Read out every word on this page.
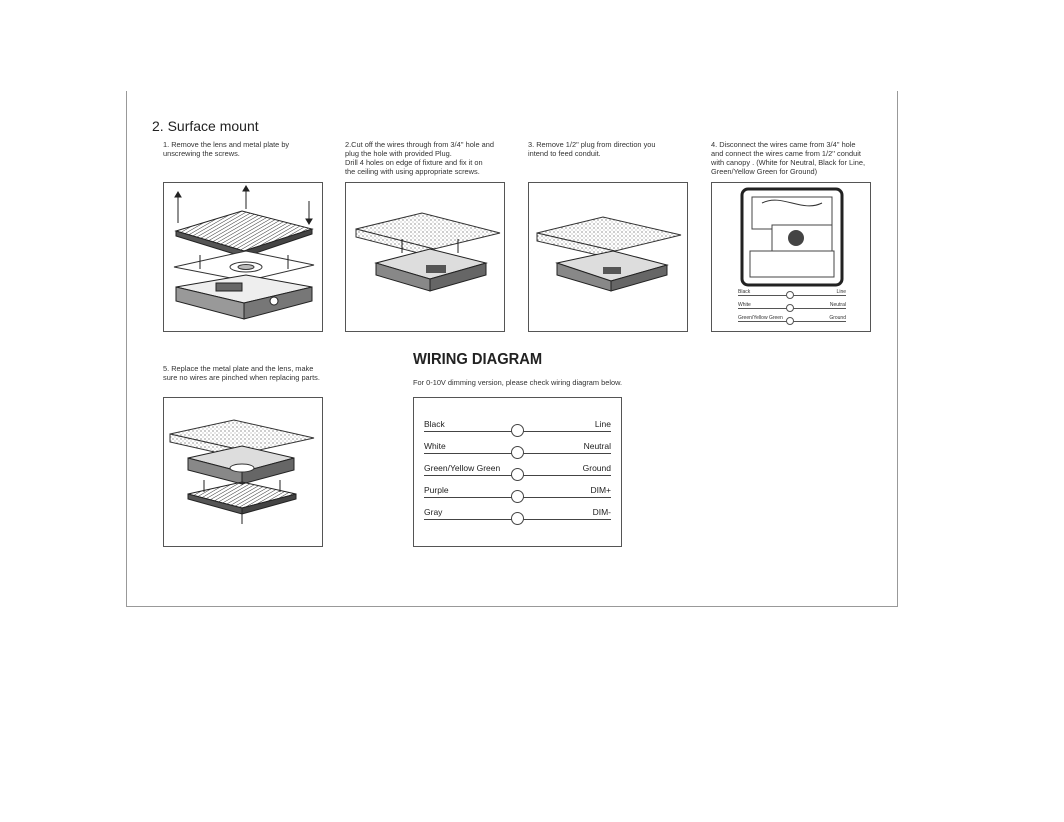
2. Surface mount
1. Remove the lens and metal plate by
unscrewing the screws.
2.Cut off the wires through from 3/4'' hole and
plug the hole with provided Plug.
Drill 4 holes on edge of fixture and fix it on
the ceiling with using appropriate screws.
3. Remove 1/2" plug from direction you
intend to feed conduit.
4. Disconnect the wires came from 3/4'' hole
and connect the wires came from 1/2'' conduit
with canopy . (White for Neutral, Black for Line,
Green/Yellow Green for Ground)
5. Replace the metal plate and the lens, make
sure no wires are pinched when replacing parts.
Black	Line
White	Neutral
Green/Yellow Green	Ground
WIRING DIAGRAM
For 0-10V dimming version, please check wiring diagram below.
Black	Line
White	Neutral
Green/Yellow Green	Ground
Purple	DIM+
Gray	DIM-
